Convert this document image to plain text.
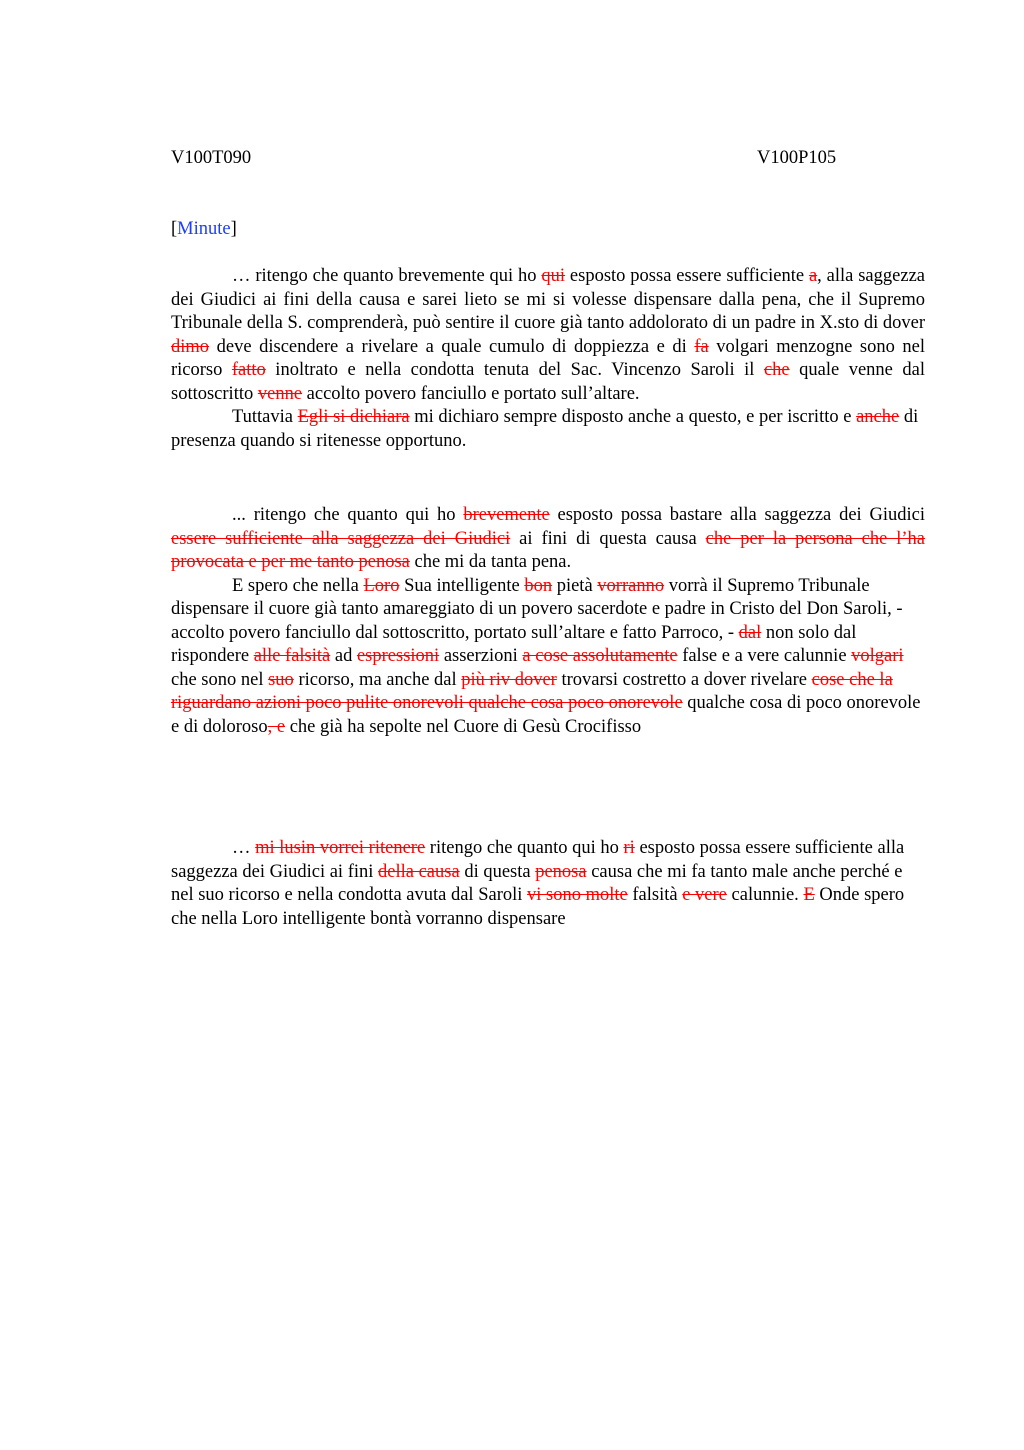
V100T090	V100P105
[Minute]

… ritengo che quanto brevemente qui ho qui esposto possa essere sufficiente a, alla saggezza dei Giudici ai fini della causa e sarei lieto se mi si volesse dispensare dalla pena, che il Supremo Tribunale della S. comprenderà, può sentire il cuore già tanto addolorato di un padre in X.sto di dover dimo deve discendere a rivelare a quale cumulo di doppiezza e di fa volgari menzogne sono nel ricorso fatto inoltrato e nella condotta tenuta del Sac. Vincenzo Saroli il che quale venne dal sottoscritto venne accolto povero fanciullo e portato sull’altare.

Tuttavia Egli si dichiara mi dichiaro sempre disposto anche a questo, e per iscritto e anche di presenza quando si ritenesse opportuno.

... ritengo che quanto qui ho brevemente esposto possa bastare alla saggezza dei Giudici essere sufficiente alla saggezza dei Giudici ai fini di questa causa che per la persona che l’ha provocata e per me tanto penosa che mi da tanta pena.

E spero che nella Loro Sua intelligente bon pietà vorranno vorrà il Supremo Tribunale dispensare il cuore già tanto amareggiato di un povero sacerdote e padre in Cristo del Don Saroli, - accolto povero fanciullo dal sottoscritto, portato sull’altare e fatto Parroco, - dal non solo dal rispondere alle falsità ad espressioni asserzioni a cose assolutamente false e a vere calunnie volgari che sono nel suo ricorso, ma anche dal più riv dover trovarsi costretto a dover rivelare cose che la riguardano azioni poco pulite onorevoli qualche cosa poco onorevole qualche cosa di poco onorevole e di doloroso, e che già ha sepolte nel Cuore di Gesù Crocifisso

… mi lusin vorrei ritenere ritengo che quanto qui ho ri esposto possa essere sufficiente alla saggezza dei Giudici ai fini della causa di questa penosa causa che mi fa tanto male anche perché e nel suo ricorso e nella condotta avuta dal Saroli vi sono molte falsità e vere calunnie. E Onde spero che nella Loro intelligente bontà vorranno dispensare
